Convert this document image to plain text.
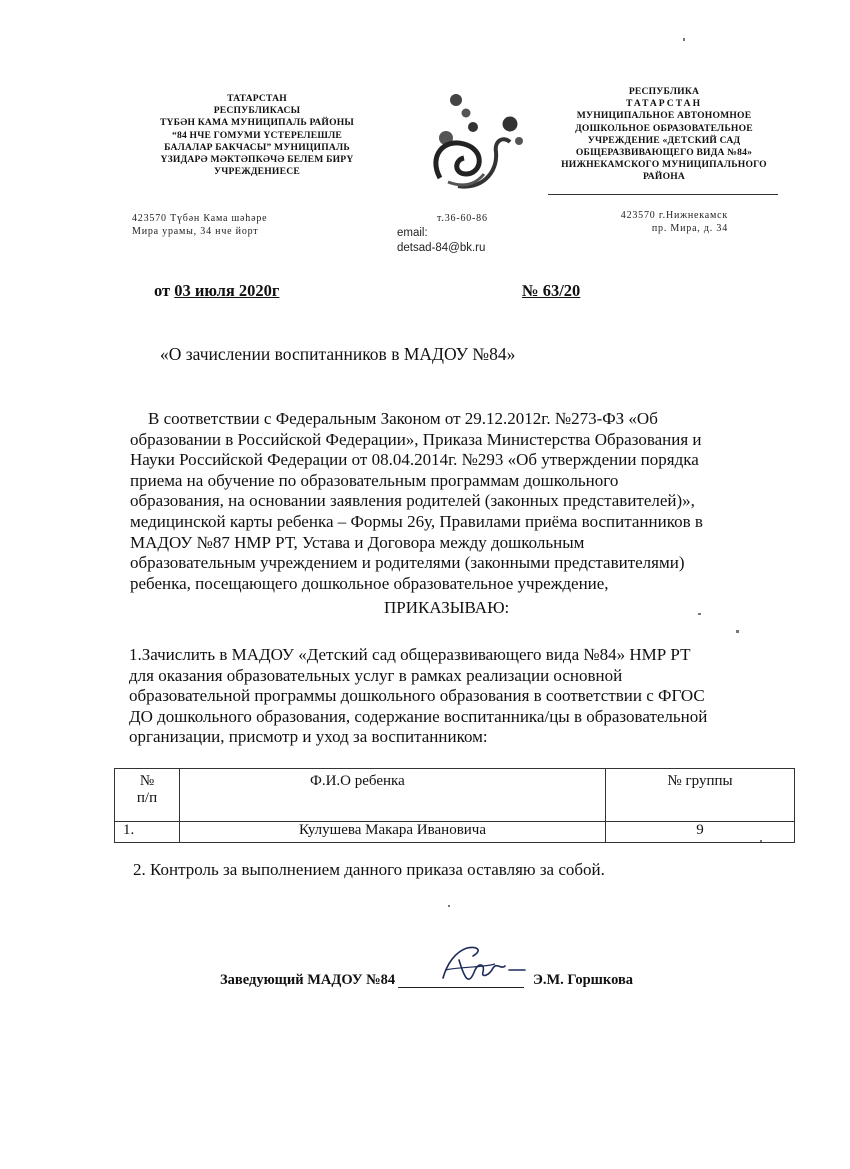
ТАТАРСТАН
РЕСПУБЛИКАСЫ
ТҮБӘН КАМА МУНИЦИПАЛЬ РАЙОНЫ
“84 НЧЕ ГОМУМИ ҮСТЕРЕЛЕШЛЕ
БАЛАЛАР БАКЧАСЫ” МУНИЦИПАЛЬ
ҮЗИДАРӘ МӘКТӘПКӘЧӘ БЕЛЕМ БИРҮ
УЧРЕЖДЕНИЕСЕ
РЕСПУБЛИКА
ТАТАРСТАН
МУНИЦИПАЛЬНОЕ АВТОНОМНОЕ
ДОШКОЛЬНОЕ ОБРАЗОВАТЕЛЬНОЕ
УЧРЕЖДЕНИЕ «ДЕТСКИЙ САД
ОБЩЕРАЗВИВАЮЩЕГО ВИДА №84»
НИЖНЕКАМСКОГО МУНИЦИПАЛЬНОГО
РАЙОНА
423570 Түбән Кама шәһәре
Мира урамы, 34 нче йорт
т.36-60-86
email:
detsad-84@bk.ru
423570 г.Нижнекамск
пр. Мира, д. 34
от 03 июля 2020г	№ 63/20
«О зачислении воспитанников в МАДОУ №84»
В соответствии с Федеральным Законом от 29.12.2012г. №273-ФЗ «Об
образовании в Российской Федерации», Приказа Министерства Образования и
Науки Российской Федерации от 08.04.2014г. №293 «Об утверждении порядка
приема на обучение по образовательным программам дошкольного
образования, на основании заявления родителей (законных представителей)»,
медицинской карты ребенка – Формы 26у, Правилами приёма воспитанников в
МАДОУ №87 НМР РТ, Устава и Договора между дошкольным
образовательным учреждением и родителями (законными представителями)
ребенка, посещающего дошкольное образовательное учреждение,
ПРИКАЗЫВАЮ:
1.Зачислить в МАДОУ «Детский сад общеразвивающего вида №84» НМР РТ
для оказания образовательных услуг в рамках реализации основной
образовательной программы дошкольного образования в соответствии с ФГОС
ДО дошкольного образования, содержание воспитанника/цы в образовательной
организации, присмотр и уход за воспитанником:
№
п/п	Ф.И.О ребенка	№ группы
1.	Кулушева Макара Ивановича	9
2. Контроль за выполнением данного приказа оставляю за собой.
Заведующий МАДОУ №84	Э.М. Горшкова
